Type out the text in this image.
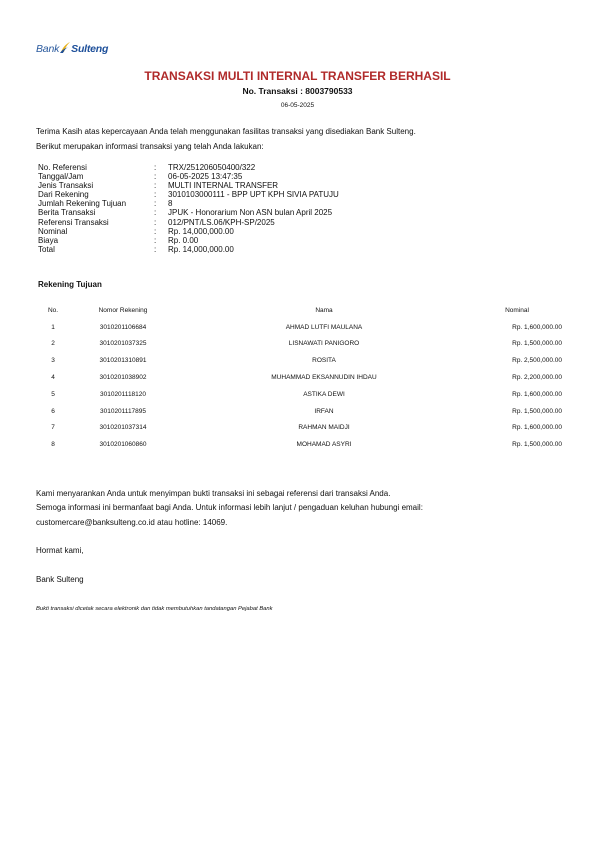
Bank Sulteng
TRANSAKSI MULTI INTERNAL TRANSFER BERHASIL
No. Transaksi : 8003790533
06-05-2025
Terima Kasih atas kepercayaan Anda telah menggunakan fasilitas transaksi yang disediakan Bank Sulteng.
Berikut merupakan informasi transaksi yang telah Anda lakukan:
No. Referensi	:	TRX/251206050400/322
Tanggal/Jam	:	06-05-2025 13:47:35
Jenis Transaksi	:	MULTI INTERNAL TRANSFER
Dari Rekening	:	3010103000111 - BPP UPT KPH SIVIA PATUJU
Jumlah Rekening Tujuan	:	8
Berita Transaksi	:	JPUK - Honorarium Non ASN bulan April 2025
Referensi Transaksi	:	012/PNT/LS.06/KPH-SP/2025
Nominal	:	Rp. 14,000,000.00
Biaya	:	Rp. 0.00
Total	:	Rp. 14,000,000.00
Rekening Tujuan
No.	Nomor Rekening	Nama	Nominal
1	3010201106684	AHMAD LUTFI MAULANA	Rp. 1,600,000.00
2	3010201037325	LISNAWATI PANIGORO	Rp. 1,500,000.00
3	3010201310891	ROSITA	Rp. 2,500,000.00
4	3010201038902	MUHAMMAD EKSANNUDIN IHDAU	Rp. 2,200,000.00
5	3010201118120	ASTIKA DEWI	Rp. 1,600,000.00
6	3010201117895	IRFAN	Rp. 1,500,000.00
7	3010201037314	RAHMAN MAIDJI	Rp. 1,600,000.00
8	3010201060860	MOHAMAD ASYRI	Rp. 1,500,000.00
Kami menyarankan Anda untuk menyimpan bukti transaksi ini sebagai referensi dari transaksi Anda.
Semoga informasi ini bermanfaat bagi Anda. Untuk informasi lebih lanjut / pengaduan keluhan hubungi email:
customercare@banksulteng.co.id atau hotline: 14069.
Hormat kami,
Bank Sulteng
Bukti transaksi dicetak secara elektronik dan tidak membutuhkan tandatangan Pejabat Bank
